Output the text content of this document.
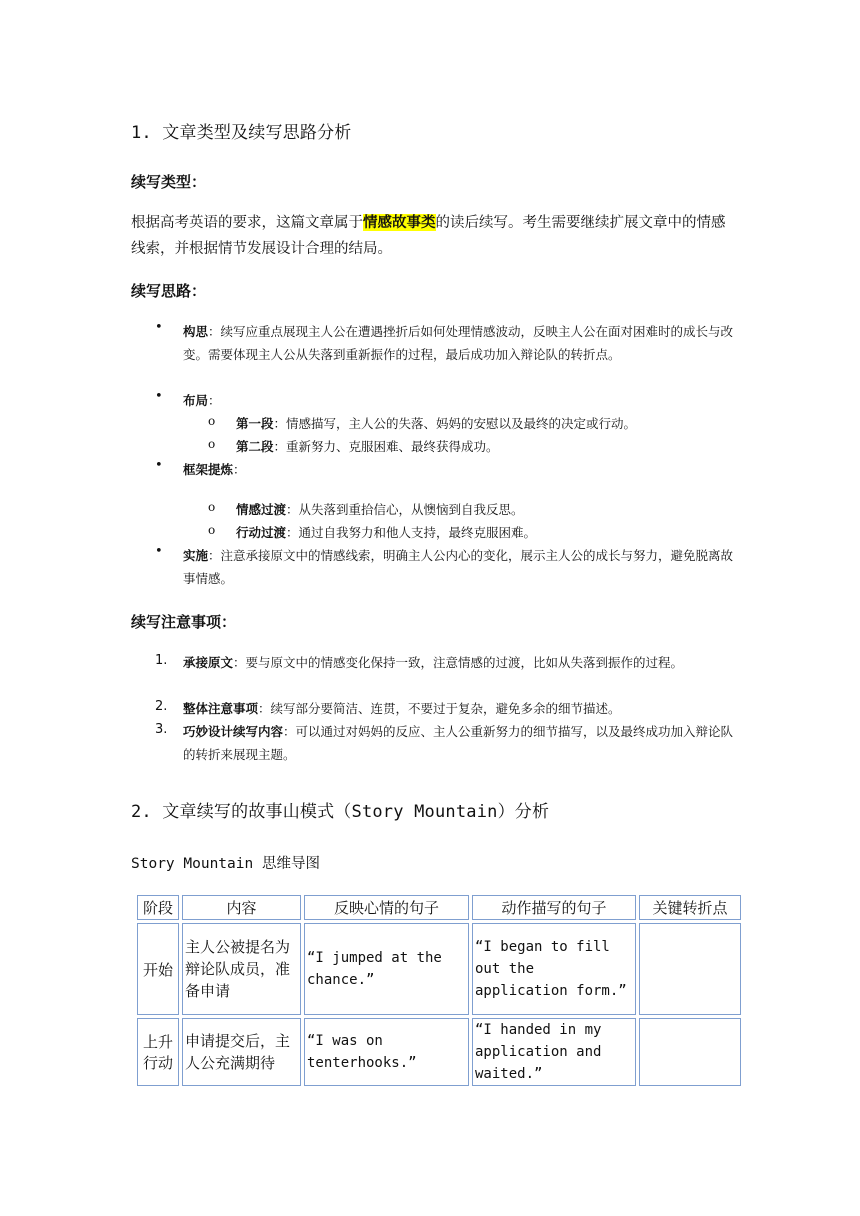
1. 文章类型及续写思路分析
续写类型：
根据高考英语的要求，这篇文章属于情感故事类的读后续写。考生需要继续扩展文章中的情感线索，并根据情节发展设计合理的结局。
续写思路：
• 构思：续写应重点展现主人公在遭遇挫折后如何处理情感波动，反映主人公在面对困难时的成长与改变。需要体现主人公从失落到重新振作的过程，最后成功加入辩论队的转折点。
• 布局：
o 第一段：情感描写，主人公的失落、妈妈的安慰以及最终的决定或行动。
o 第二段：重新努力、克服困难、最终获得成功。
• 框架提炼：
o 情感过渡：从失落到重拾信心，从懊恼到自我反思。
o 行动过渡：通过自我努力和他人支持，最终克服困难。
• 实施：注意承接原文中的情感线索，明确主人公内心的变化，展示主人公的成长与努力，避免脱离故事情感。
续写注意事项：
1. 承接原文：要与原文中的情感变化保持一致，注意情感的过渡，比如从失落到振作的过程。
2. 整体注意事项：续写部分要简洁、连贯，不要过于复杂，避免多余的细节描述。
3. 巧妙设计续写内容：可以通过对妈妈的反应、主人公重新努力的细节描写，以及最终成功加入辩论队的转折来展现主题。
2. 文章续写的故事山模式（Story Mountain）分析
Story Mountain 思维导图
阶段	内容	反映心情的句子	动作描写的句子	关键转折点
开始	主人公被提名为辩论队成员，准备申请	“I jumped at the chance.”	“I began to fill out the application form.”	
上升行动	申请提交后，主人公充满期待	“I was on tenterhooks.”	“I handed in my application and waited.”	
